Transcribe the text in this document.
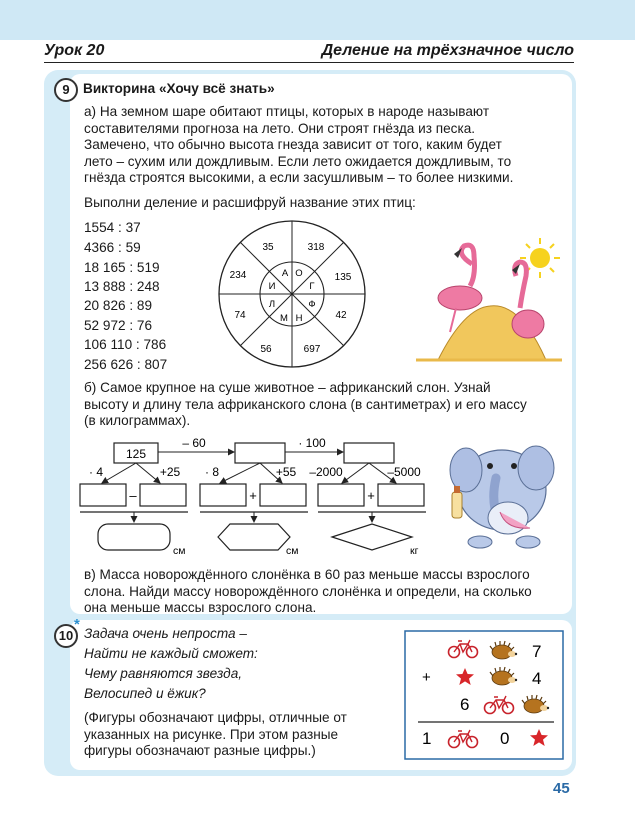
Урок 20	Деление на трёхзначное число
9 Викторина «Хочу всё знать»
а) На земном шаре обитают птицы, которых в народе называют
составителями прогноза на лето. Они строят гнёзда из песка.
Замечено, что обычно высота гнезда зависит от того, каким будет
лето – сухим или дождливым. Если лето ожидается дождливым, то
гнёзда строятся высокими, а если засушливым – то более низкими.
Выполни деление и расшифруй название этих птиц:
1554 : 37
4366 : 59
18 165 : 519
13 888 : 248
20 826 : 89
52 972 : 76
106 110 : 786
256 626 : 807
35	318
135
42
697
56
74
234	О
Г
Ф
Н
М
Л
И
А
б) Самое крупное на суше животное – африканский слон. Узнай
высоту и длину тела африканского слона (в сантиметрах) и его массу
(в килограммах).
125
– 60	· 100
· 4	+25 · 8	+55 –2000	–5000
–	+	+
см	см	кг
в) Масса новорождённого слонёнка в 60 раз меньше массы взрослого
слона. Найди массу новорождённого слонёнка и определи, на сколько
она меньше массы взрослого слона.
10
*
Задача очень непроста –
Найти не каждый сможет:
Чему равняются звезда,
Велосипед и ёжик?
(Фигуры обозначают цифры, отличные от
указанных на рисунке. При этом разные
фигуры обозначают разные цифры.)
7
+	4
6
1	0
45
